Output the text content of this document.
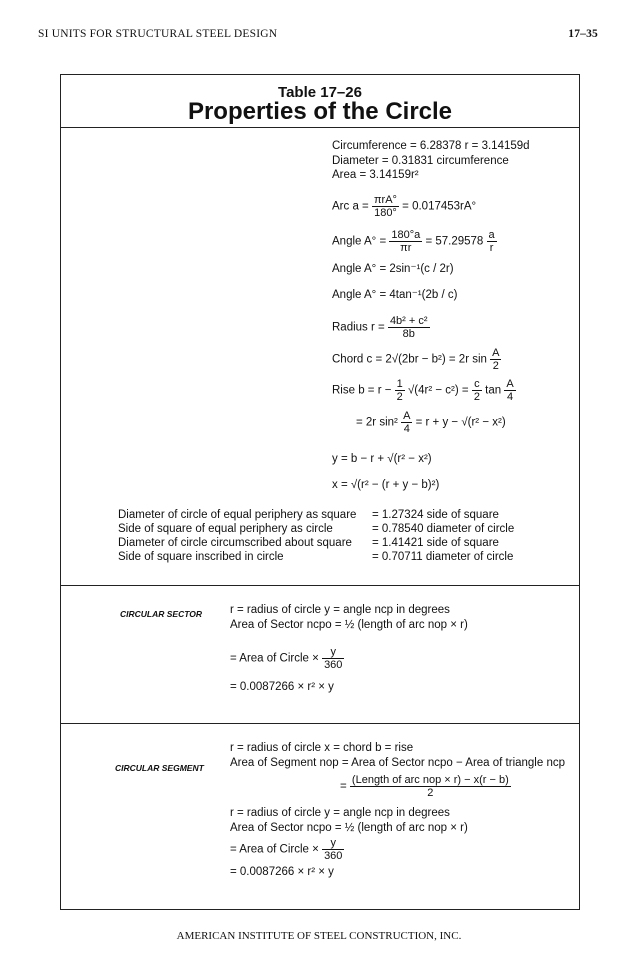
SI UNITS FOR STRUCTURAL STEEL DESIGN	17–35
Table 17–26
Properties of the Circle
x
b	y
c
A
r
d
Circumference = 6.28378 r = 3.14159d
Diameter = 0.31831 circumference
Area = 3.14159r²
Arc $a = \frac{\text{πrA°}}{180^\circ} = 0.017453rA^\circ$
Angle $A^\circ = \frac{180^\circ a}{\pi r} = 57.29578 \frac{a}{r}$
Angle A° = 2sin⁻¹(c / 2r)
Angle A° = 4tan⁻¹(2b / c)
Radius $r = \frac{\text{4b² + c²}}{8b}$
Chord c = 2√(2br − b²) = 2r $\sin \frac{A}{2}$
Rise $b = r - \frac{1}{2} √(4r^2 - c^2) = \frac{c}{2}$ $\tan \frac{A}{4}$
= 2r $\sin^2 \frac{A}{4} = r + y - √(r^2 - x^2)$
y = b − r + √(r² − x²)
x = √(r² − (r + y − b)²)
Diameter of circle of equal periphery as square = 1.27324 side of square
Side of square of equal periphery as circle	= 0.78540 diameter of circle
Diameter of circle circumscribed about square = 1.41421 side of square
Side of square inscribed in circle	= 0.70711 diameter of circle
CIRCULAR SECTOR
o
n	p
y
c
r
r = radius of circle y = angle ncp in degrees
Area of Sector ncpo = ½ (length of arc nop × r)
= Area of Circle × $\frac{y}{360}$
= 0.0087266 × r² × y
CIRCULAR SEGMENT
o
b
n	p
c
x
s
r = radius of circle x = chord b = rise
Area of Segment nop = Area of Sector ncpo − Area of triangle ncp
= $\frac{\text{(Length of arc nop × r) − x(r − b)}}{2}$
r = radius of circle y = angle ncp in degrees
Area of Sector ncpo = ½ (length of arc nop × r)
= Area of Circle × $\frac{y}{360}$
= 0.0087266 × r² × y
AMERICAN INSTITUTE OF STEEL CONSTRUCTION, INC.
